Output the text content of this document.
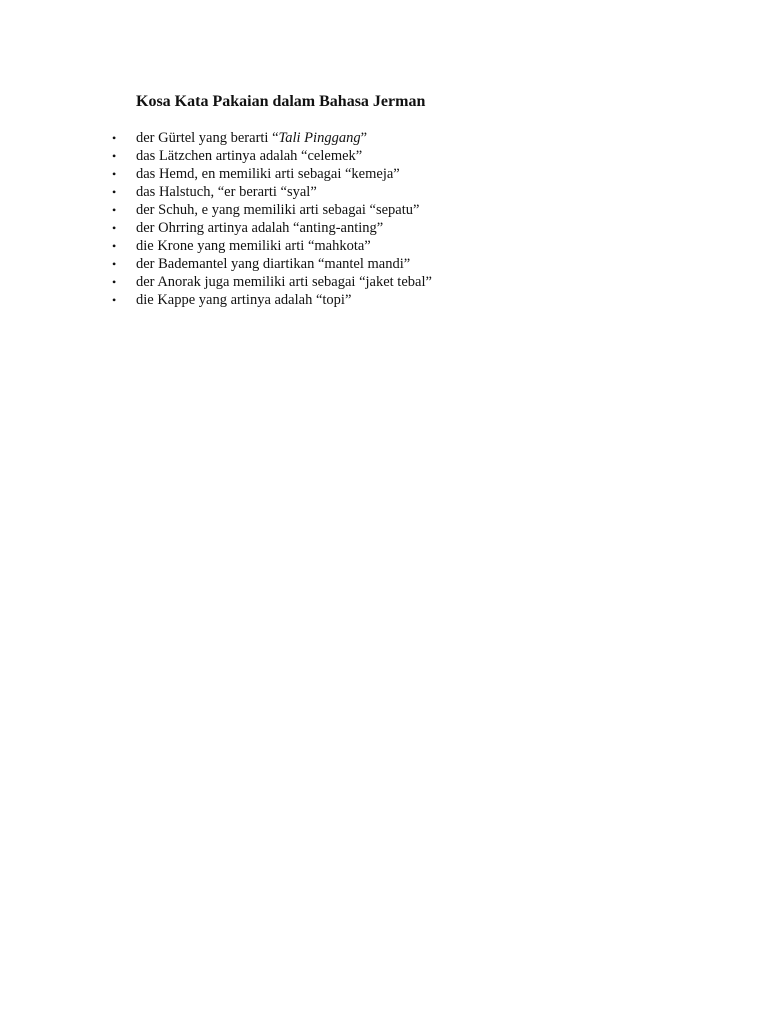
Kosa Kata Pakaian dalam Bahasa Jerman
•	der Gürtel yang berarti “Tali Pinggang”
•	das Lätzchen artinya adalah “celemek”
•	das Hemd, en memiliki arti sebagai “kemeja”
•	das Halstuch, “er berarti “syal”
•	der Schuh, e yang memiliki arti sebagai “sepatu”
•	der Ohrring artinya adalah “anting-anting”
•	die Krone yang memiliki arti “mahkota”
•	der Bademantel yang diartikan “mantel mandi”
•	der Anorak juga memiliki arti sebagai “jaket tebal”
•	die Kappe yang artinya adalah “topi”
